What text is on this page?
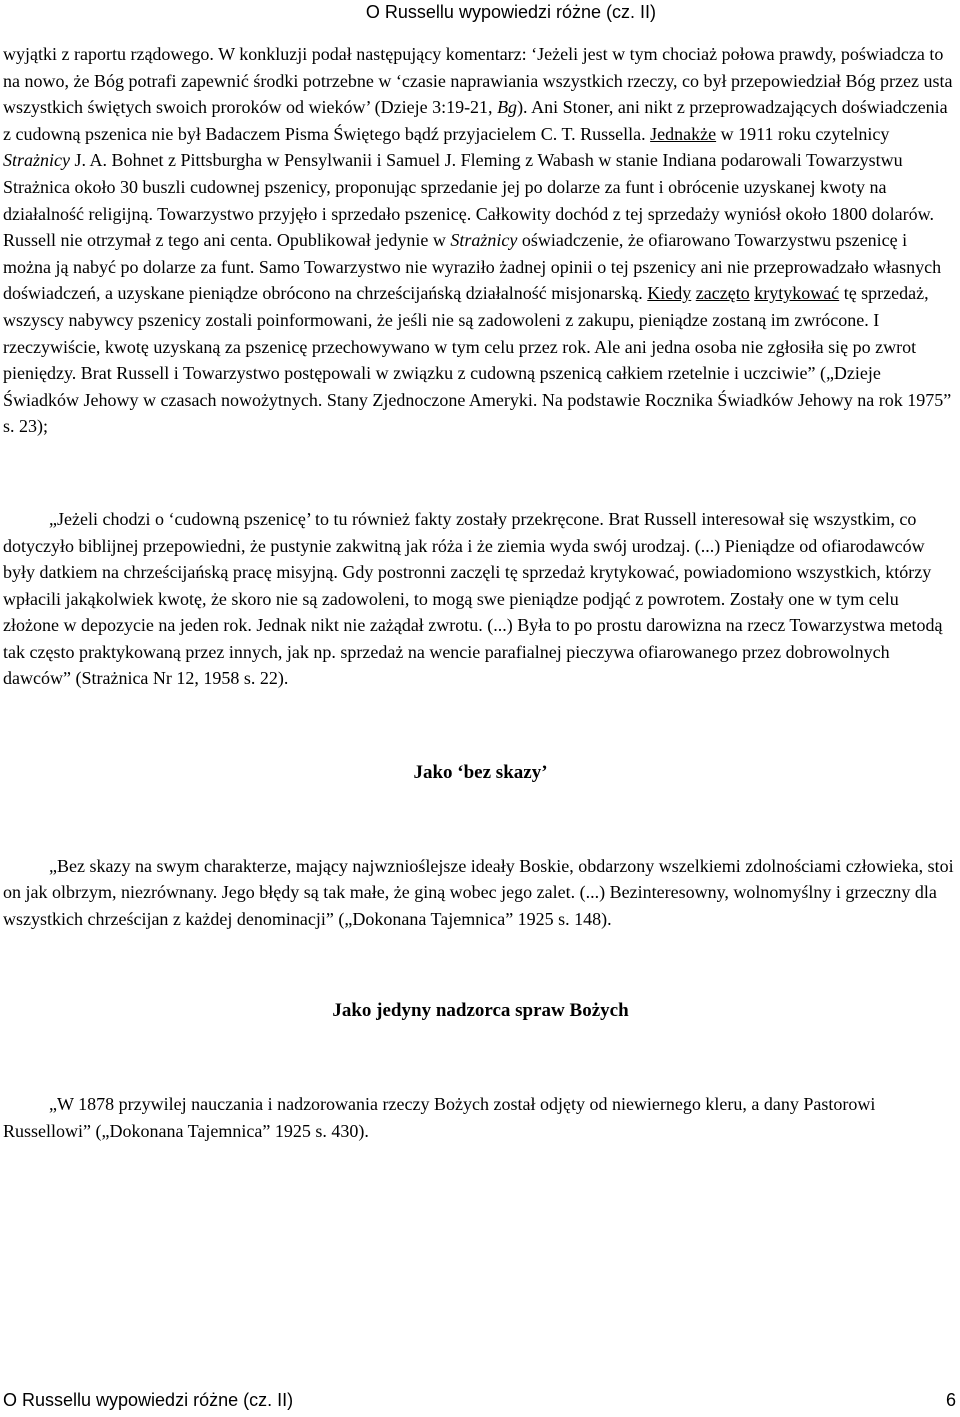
O Russellu wypowiedzi różne (cz. II)

wyjątki z raportu rządowego. W konkluzji podał następujący komentarz: ‘Jeżeli jest w tym chociaż połowa prawdy, poświadcza to na nowo, że Bóg potrafi zapewnić środki potrzebne w ‘czasie naprawiania wszystkich rzeczy, co był przepowiedział Bóg przez usta wszystkich świętych swoich proroków od wieków’ (Dzieje 3:19-21, Bg). Ani Stoner, ani nikt z przeprowadzających doświadczenia z cudowną pszenica nie był Badaczem Pisma Świętego bądź przyjacielem C. T. Russella. Jednakże w 1911 roku czytelnicy Strażnicy J. A. Bohnet z Pittsburgha w Pensylwanii i Samuel J. Fleming z Wabash w stanie Indiana podarowali Towarzystwu Strażnica około 30 buszli cudownej pszenicy, proponując sprzedanie jej po dolarze za funt i obrócenie uzyskanej kwoty na działalność religijną. Towarzystwo przyjęło i sprzedało pszenicę. Całkowity dochód z tej sprzedaży wyniósł około 1800 dolarów. Russell nie otrzymał z tego ani centa. Opublikował jedynie w Strażnicy oświadczenie, że ofiarowano Towarzystwu pszenicę i można ją nabyć po dolarze za funt. Samo Towarzystwo nie wyraziło żadnej opinii o tej pszenicy ani nie przeprowadzało własnych doświadczeń, a uzyskane pieniądze obrócono na chrześcijańską działalność misjonarską. Kiedy zaczęto krytykować tę sprzedaż, wszyscy nabywcy pszenicy zostali poinformowani, że jeśli nie są zadowoleni z zakupu, pieniądze zostaną im zwrócone. I rzeczywiście, kwotę uzyskaną za pszenicę przechowywano w tym celu przez rok. Ale ani jedna osoba nie zgłosiła się po zwrot pieniędzy. Brat Russell i Towarzystwo postępowali w związku z cudowną pszenicą całkiem rzetelnie i uczciwie” („Dzieje Świadków Jehowy w czasach nowożytnych. Stany Zjednoczone Ameryki. Na podstawie Rocznika Świadków Jehowy na rok 1975” s. 23);

„Jeżeli chodzi o ‘cudowną pszenicę’ to tu również fakty zostały przekręcone. Brat Russell interesował się wszystkim, co dotyczyło biblijnej przepowiedni, że pustynie zakwitną jak róża i że ziemia wyda swój urodzaj. (...) Pieniądze od ofiarodawców były datkiem na chrześcijańską pracę misyjną. Gdy postronni zaczęli tę sprzedaż krytykować, powiadomiono wszystkich, którzy wpłacili jakąkolwiek kwotę, że skoro nie są zadowoleni, to mogą swe pieniądze podjąć z powrotem. Zostały one w tym celu złożone w depozycie na jeden rok. Jednak nikt nie zażądał zwrotu. (...) Była to po prostu darowizna na rzecz Towarzystwa metodą tak często praktykowaną przez innych, jak np. sprzedaż na wencie parafialnej pieczywa ofiarowanego przez dobrowolnych dawców” (Strażnica Nr 12, 1958 s. 22).

Jako ‘bez skazy’

„Bez skazy na swym charakterze, mający najwznioślejsze ideały Boskie, obdarzony wszelkiemi zdolnościami człowieka, stoi on jak olbrzym, niezrównany. Jego błędy są tak małe, że giną wobec jego zalet. (...) Bezinteresowny, wolnomyślny i grzeczny dla wszystkich chrześcijan z każdej denominacji” („Dokonana Tajemnica” 1925 s. 148).

Jako jedyny nadzorca spraw Bożych

„W 1878 przywilej nauczania i nadzorowania rzeczy Bożych został odjęty od niewiernego kleru, a dany Pastorowi Russellowi” („Dokonana Tajemnica” 1925 s. 430).

O Russellu wypowiedzi różne (cz. II)	6
